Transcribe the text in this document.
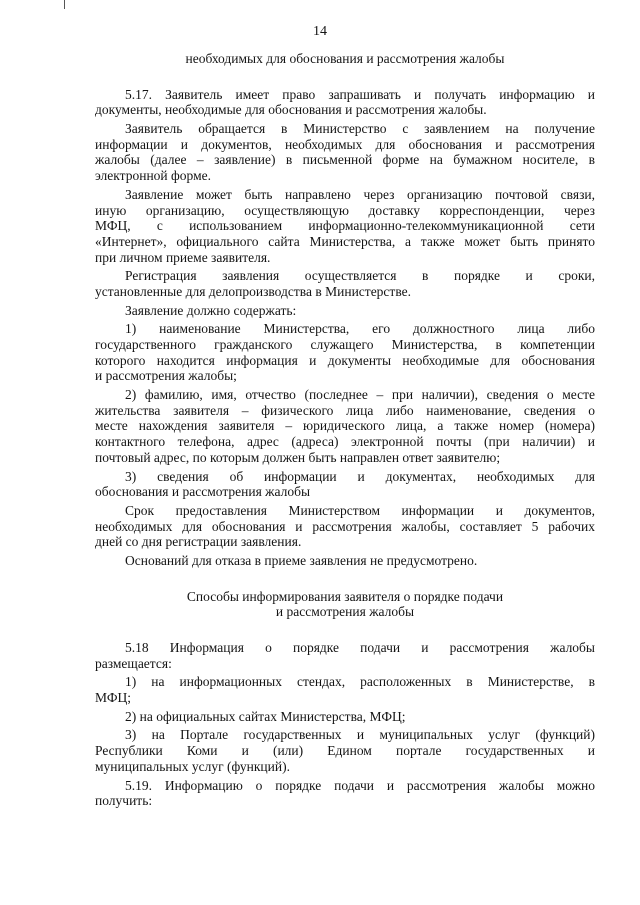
14

необходимых для обоснования и рассмотрения жалобы
5.17. Заявитель имеет право запрашивать и получать информацию и
документы, необходимые для обоснования и рассмотрения жалобы.
Заявитель обращается в Министерство с заявлением на получение
информации и документов, необходимых для обоснования и рассмотрения
жалобы (далее – заявление) в письменной форме на бумажном носителе, в
электронной форме.
Заявление может быть направлено через организацию почтовой связи,
иную организацию, осуществляющую доставку корреспонденции, через
МФЦ, с использованием информационно-телекоммуникационной сети
«Интернет», официального сайта Министерства, а также может быть принято
при личном приеме заявителя.
Регистрация заявления осуществляется в порядке и сроки,
установленные для делопроизводства в Министерстве.
Заявление должно содержать:
1) наименование Министерства, его должностного лица либо
государственного гражданского служащего Министерства, в компетенции
которого находится информация и документы необходимые для обоснования
и рассмотрения жалобы;
2) фамилию, имя, отчество (последнее – при наличии), сведения о месте
жительства заявителя – физического лица либо наименование, сведения о
месте нахождения заявителя – юридического лица, а также номер (номера)
контактного телефона, адрес (адреса) электронной почты (при наличии) и
почтовый адрес, по которым должен быть направлен ответ заявителю;
3) сведения об информации и документах, необходимых для
обоснования и рассмотрения жалобы
Срок предоставления Министерством информации и документов,
необходимых для обоснования и рассмотрения жалобы, составляет 5 рабочих
дней со дня регистрации заявления.
Оснований для отказа в приеме заявления не предусмотрено.
Способы информирования заявителя о порядке подачи
и рассмотрения жалобы
5.18 Информация о порядке подачи и рассмотрения жалобы
размещается:
1) на информационных стендах, расположенных в Министерстве, в
МФЦ;
2) на официальных сайтах Министерства, МФЦ;
3) на Портале государственных и муниципальных услуг (функций)
Республики Коми и (или) Едином портале государственных и
муниципальных услуг (функций).
5.19. Информацию о порядке подачи и рассмотрения жалобы можно
получить:
